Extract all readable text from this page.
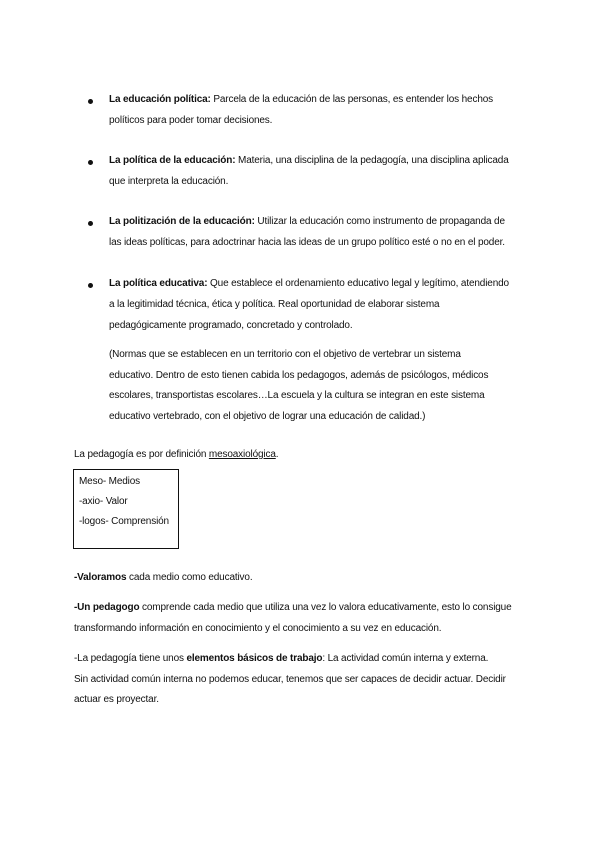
La educación política: Parcela de la educación de las personas, es entender los hechos
políticos para poder tomar decisiones.
La política de la educación: Materia, una disciplina de la pedagogía, una disciplina aplicada
que interpreta la educación.
La politización de la educación: Utilizar la educación como instrumento de propaganda de
las ideas políticas, para adoctrinar hacia las ideas de un grupo político esté o no en el poder.
La política educativa: Que establece el ordenamiento educativo legal y legítimo, atendiendo
a la legitimidad técnica, ética y política. Real oportunidad de elaborar sistema
pedagógicamente programado, concretado y controlado.
(Normas que se establecen en un territorio con el objetivo de vertebrar un sistema
educativo. Dentro de esto tienen cabida los pedagogos, además de psicólogos, médicos
escolares, transportistas escolares…La escuela y la cultura se integran en este sistema
educativo vertebrado, con el objetivo de lograr una educación de calidad.)
La pedagogía es por definición mesoaxiológica.
Meso- Medios
-axio- Valor
-logos- Comprensión
-Valoramos cada medio como educativo.
-Un pedagogo comprende cada medio que utiliza una vez lo valora educativamente, esto lo consigue
transformando información en conocimiento y el conocimiento a su vez en educación.
-La pedagogía tiene unos elementos básicos de trabajo: La actividad común interna y externa.
Sin actividad común interna no podemos educar, tenemos que ser capaces de decidir actuar. Decidir
actuar es proyectar.
